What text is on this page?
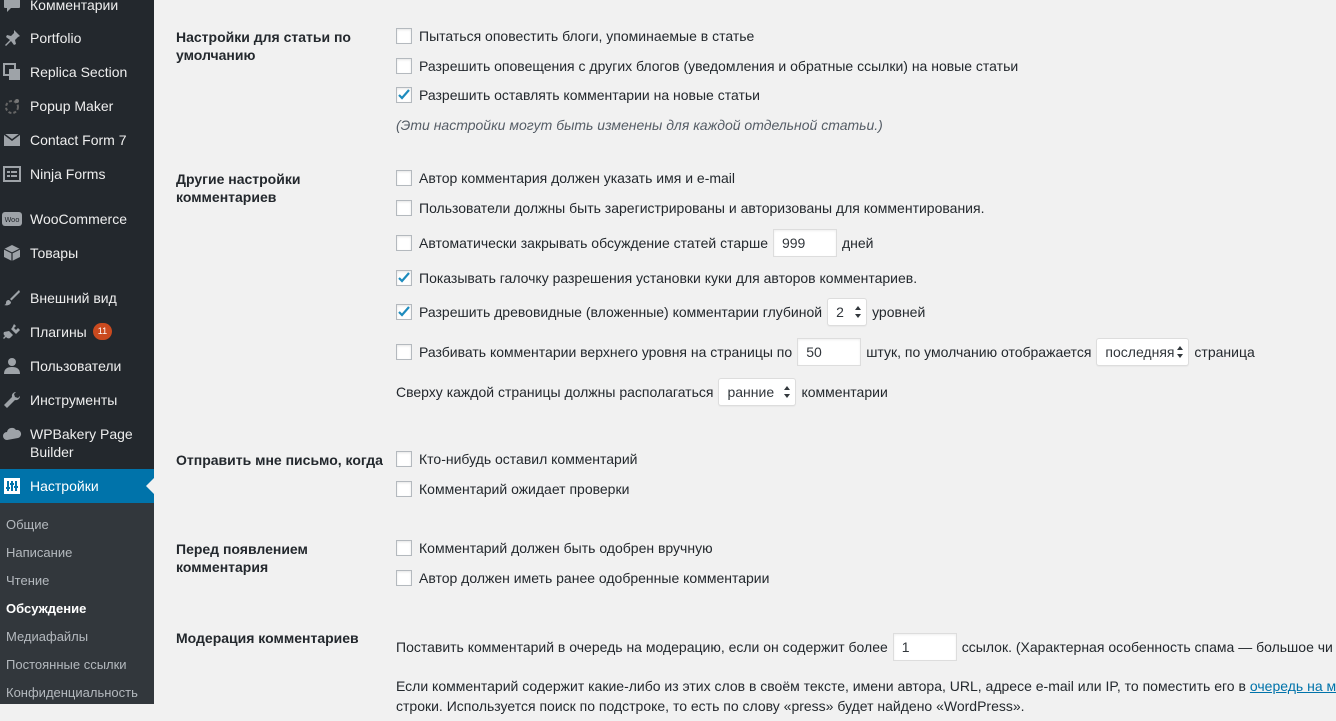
Комментарии
Portfolio
Replica Section
Popup Maker
Contact Form 7
Ninja Forms
Woo WooCommerce
Товары
Внешний вид
Плагины	11
Пользователи
Инструменты
WPBakery Page Builder
Настройки
Общие
Написание
Чтение
Обсуждение
Медиафайлы
Постоянные ссылки
Конфиденциальность
Настройки для статьи по умолчанию
Пытаться оповестить блоги, упоминаемые в статье
Разрешить оповещения с других блогов (уведомления и обратные ссылки) на новые статьи
Разрешить оставлять комментарии на новые статьи
(Эти настройки могут быть изменены для каждой отдельной статьи.)
Другие настройки комментариев
Автор комментария должен указать имя и e-mail
Пользователи должны быть зарегистрированы и авторизованы для комментирования.
Автоматически закрывать обсуждение статей старше	999	дней
Показывать галочку разрешения установки куки для авторов комментариев.
Разрешить древовидные (вложенные) комментарии глубиной	2	уровней
Разбивать комментарии верхнего уровня на страницы по	50	штук, по умолчанию отображается	последняя	страница
Сверху каждой страницы должны располагаться	ранние	комментарии
Отправить мне письмо, когда	Кто-нибудь оставил комментарий
Комментарий ожидает проверки
Перед появлением комментария
Комментарий должен быть одобрен вручную
Автор должен иметь ранее одобренные комментарии
Модерация комментариев
Поставить комментарий в очередь на модерацию, если он содержит более	1	ссылок. (Характерная особенность спама — большое чи
Если комментарий содержит какие-либо из этих слов в своём тексте, имени автора, URL, адресе e-mail или IP, то поместить его в очередь на м
строки. Используется поиск по подстроке, то есть по слову «press» будет найдено «WordPress».
